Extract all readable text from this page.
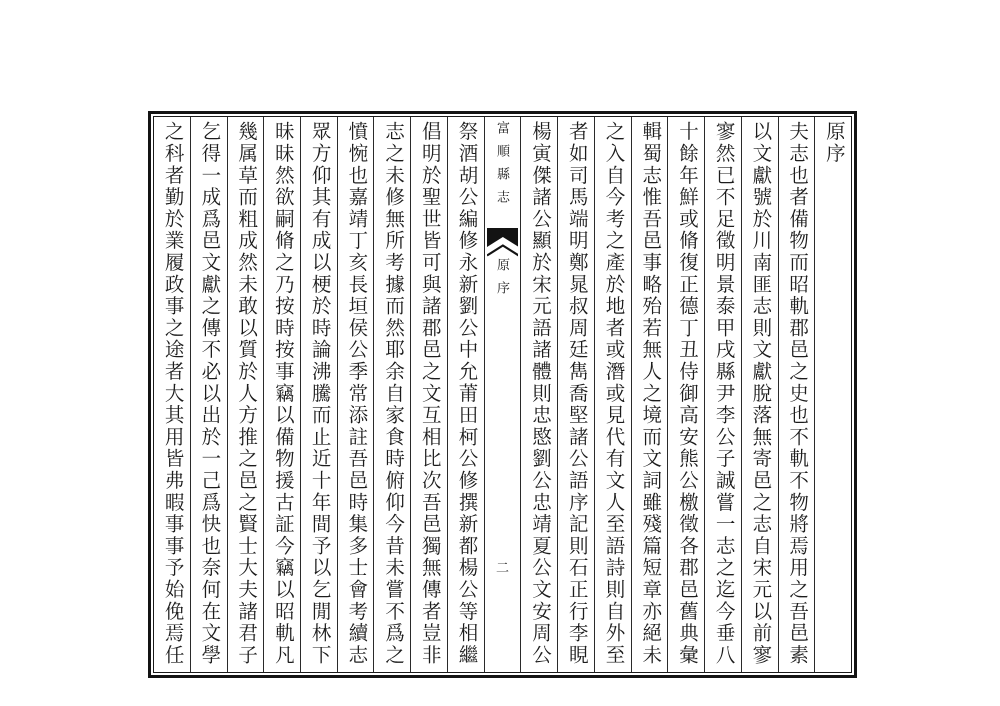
原序
夫志也者備物而昭軌郡邑之史也不軌不物將焉用之吾邑素
以文獻號於川南匪志則文獻脫落無寄邑之志自宋元以前寥
寥然已不足徵明景泰甲戌縣尹李公子誠嘗一志之迄今垂八
十餘年鮮或脩復正德丁丑侍御高安熊公檄徵各郡邑舊典彙
輯蜀志惟吾邑事略殆若無人之境而文詞雖殘篇短章亦絕未
之入自今考之產於地者或潛或見代有文人至語詩則自外至
者如司馬端明鄭晁叔周廷雋喬堅諸公語序記則石正行李睍
楊寅傑諸公顯於宋元語諸體則忠愍劉公忠靖夏公文安周公
富順縣志
原序
二
祭酒胡公編修永新劉公中允莆田柯公修撰新都楊公等相繼
倡明於聖世皆可與諸郡邑之文互相比次吾邑獨無傳者豈非
志之未修無所考據而然耶余自家食時俯仰今昔未嘗不爲之
憤惋也嘉靖丁亥長垣侯公季常添註吾邑時集多士會考續志
眾方仰其有成以梗於時論沸騰而止近十年間予以乞閒林下
昧昧然欲嗣脩之乃按時按事竊以備物援古証今竊以昭軌凡
幾属草而粗成然未敢以質於人方推之邑之賢士大夫諸君子
乞得一成爲邑文獻之傳不必以出於一己爲快也奈何在文學
之科者勤於業履政事之途者大其用皆弗暇事事予始俛焉任
